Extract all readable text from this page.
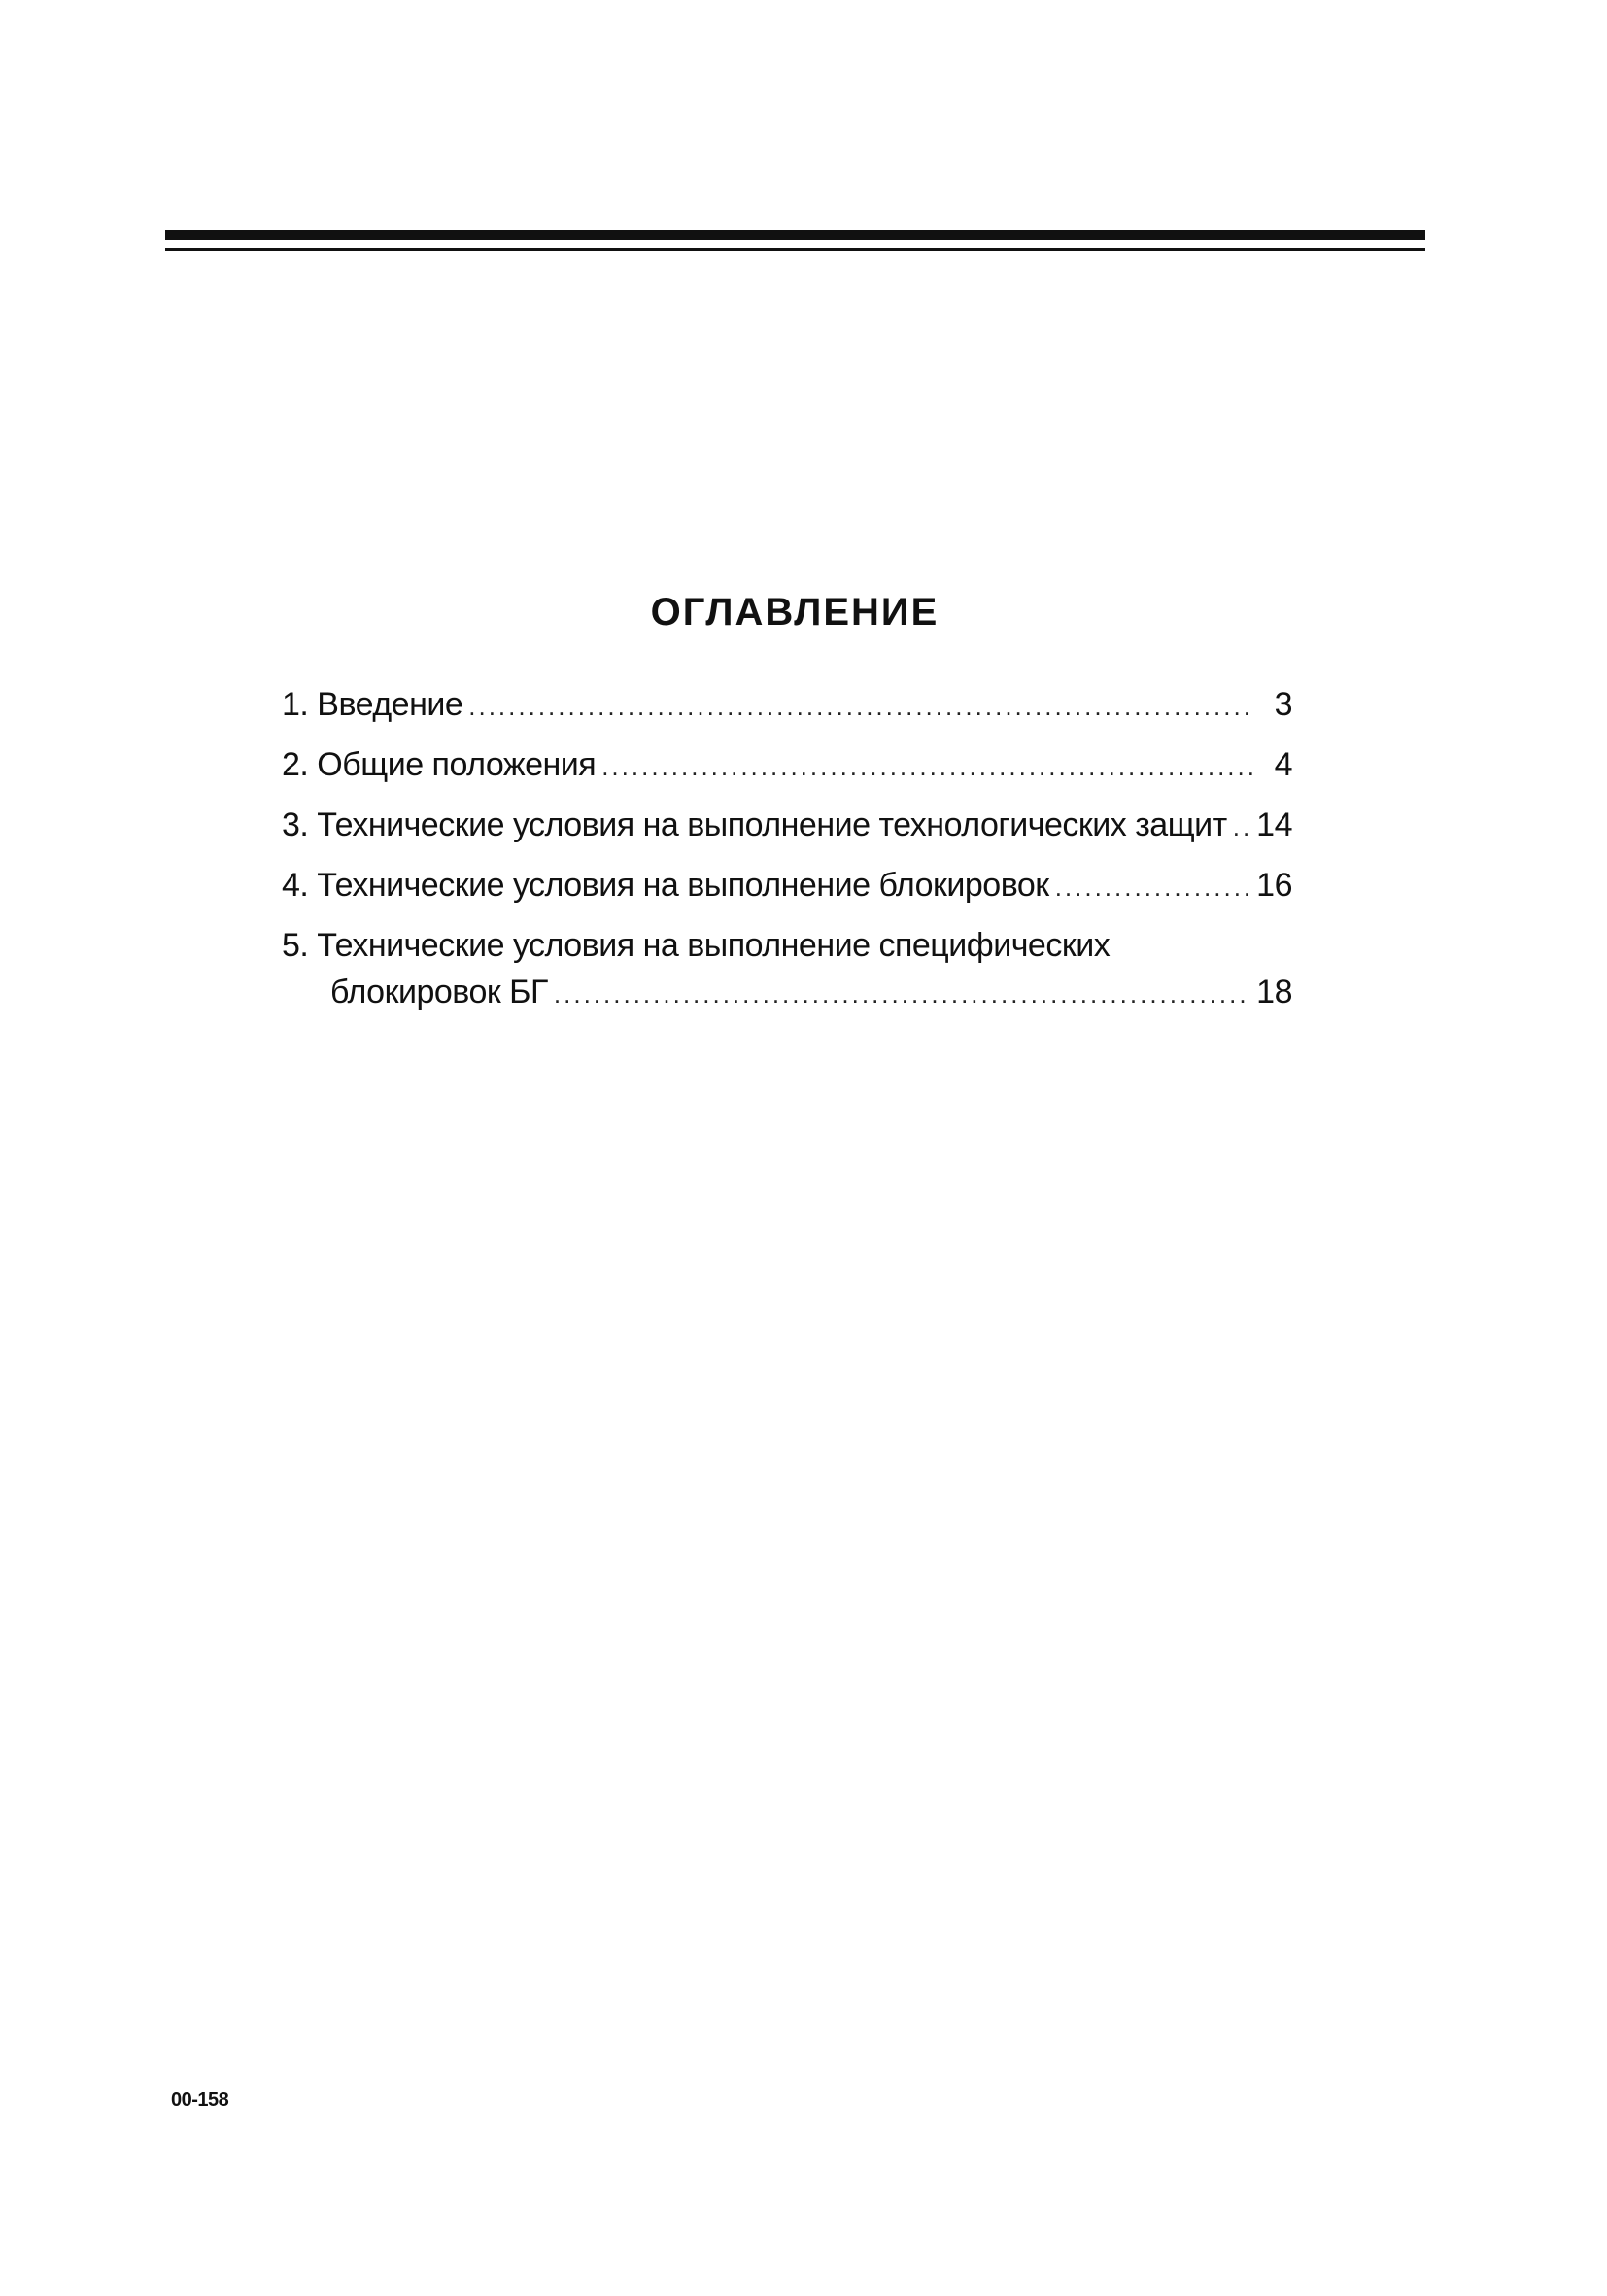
ОГЛАВЛЕНИЕ
1. Введение .....	3
2. Общие положения .....	4
3. Технические условия на выполнение технологических защит ..... 14
4. Технические условия на выполнение блокировок .....	16
5. Технические условия на выполнение специфических
блокировок БГ .....	18
00-158
